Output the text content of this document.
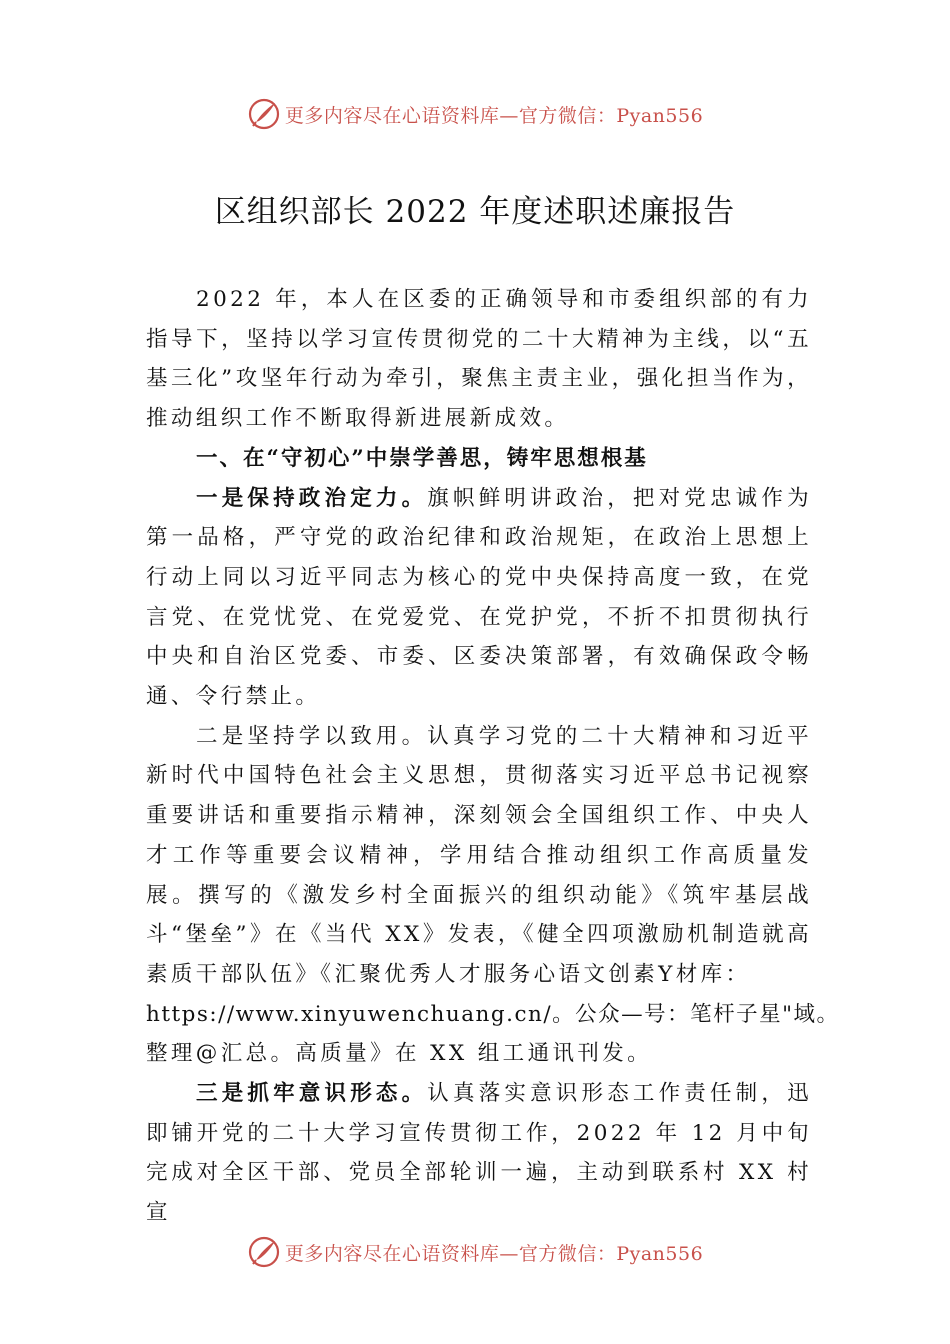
更多内容尽在心语资料库—官方微信：Pyan556
区组织部长 2022 年度述职述廉报告

2022 年，本人在区委的正确领导和市委组织部的有力指导下，坚持以学习宣传贯彻党的二十大精神为主线，以“五基三化”攻坚年行动为牵引，聚焦主责主业，强化担当作为，推动组织工作不断取得新进展新成效。

一、在“守初心”中崇学善思，铸牢思想根基

一是保持政治定力。旗帜鲜明讲政治，把对党忠诚作为第一品格，严守党的政治纪律和政治规矩，在政治上思想上行动上同以习近平同志为核心的党中央保持高度一致，在党言党、在党忧党、在党爱党、在党护党，不折不扣贯彻执行中央和自治区党委、市委、区委决策部署，有效确保政令畅通、令行禁止。

二是坚持学以致用。认真学习党的二十大精神和习近平新时代中国特色社会主义思想，贯彻落实习近平总书记视察重要讲话和重要指示精神，深刻领会全国组织工作、中央人才工作等重要会议精神，学用结合推动组织工作高质量发展。撰写的《激发乡村全面振兴的组织动能》《筑牢基层战斗“堡垒”》在《当代 XX》发表，《健全四项激励机制造就高素质干部队伍》《汇聚优秀人才服务心语文创素Y材库：
https://www.xinyuwenchuang.cn/。公众—号：笔杆子星"域。
整理@汇总。高质量》在 XX 组工通讯刊发。

三是抓牢意识形态。认真落实意识形态工作责任制，迅即铺开党的二十大学习宣传贯彻工作，2022 年 12 月中旬完成对全区干部、党员全部轮训一遍，主动到联系村 XX 村宣

更多内容尽在心语资料库—官方微信：Pyan556
